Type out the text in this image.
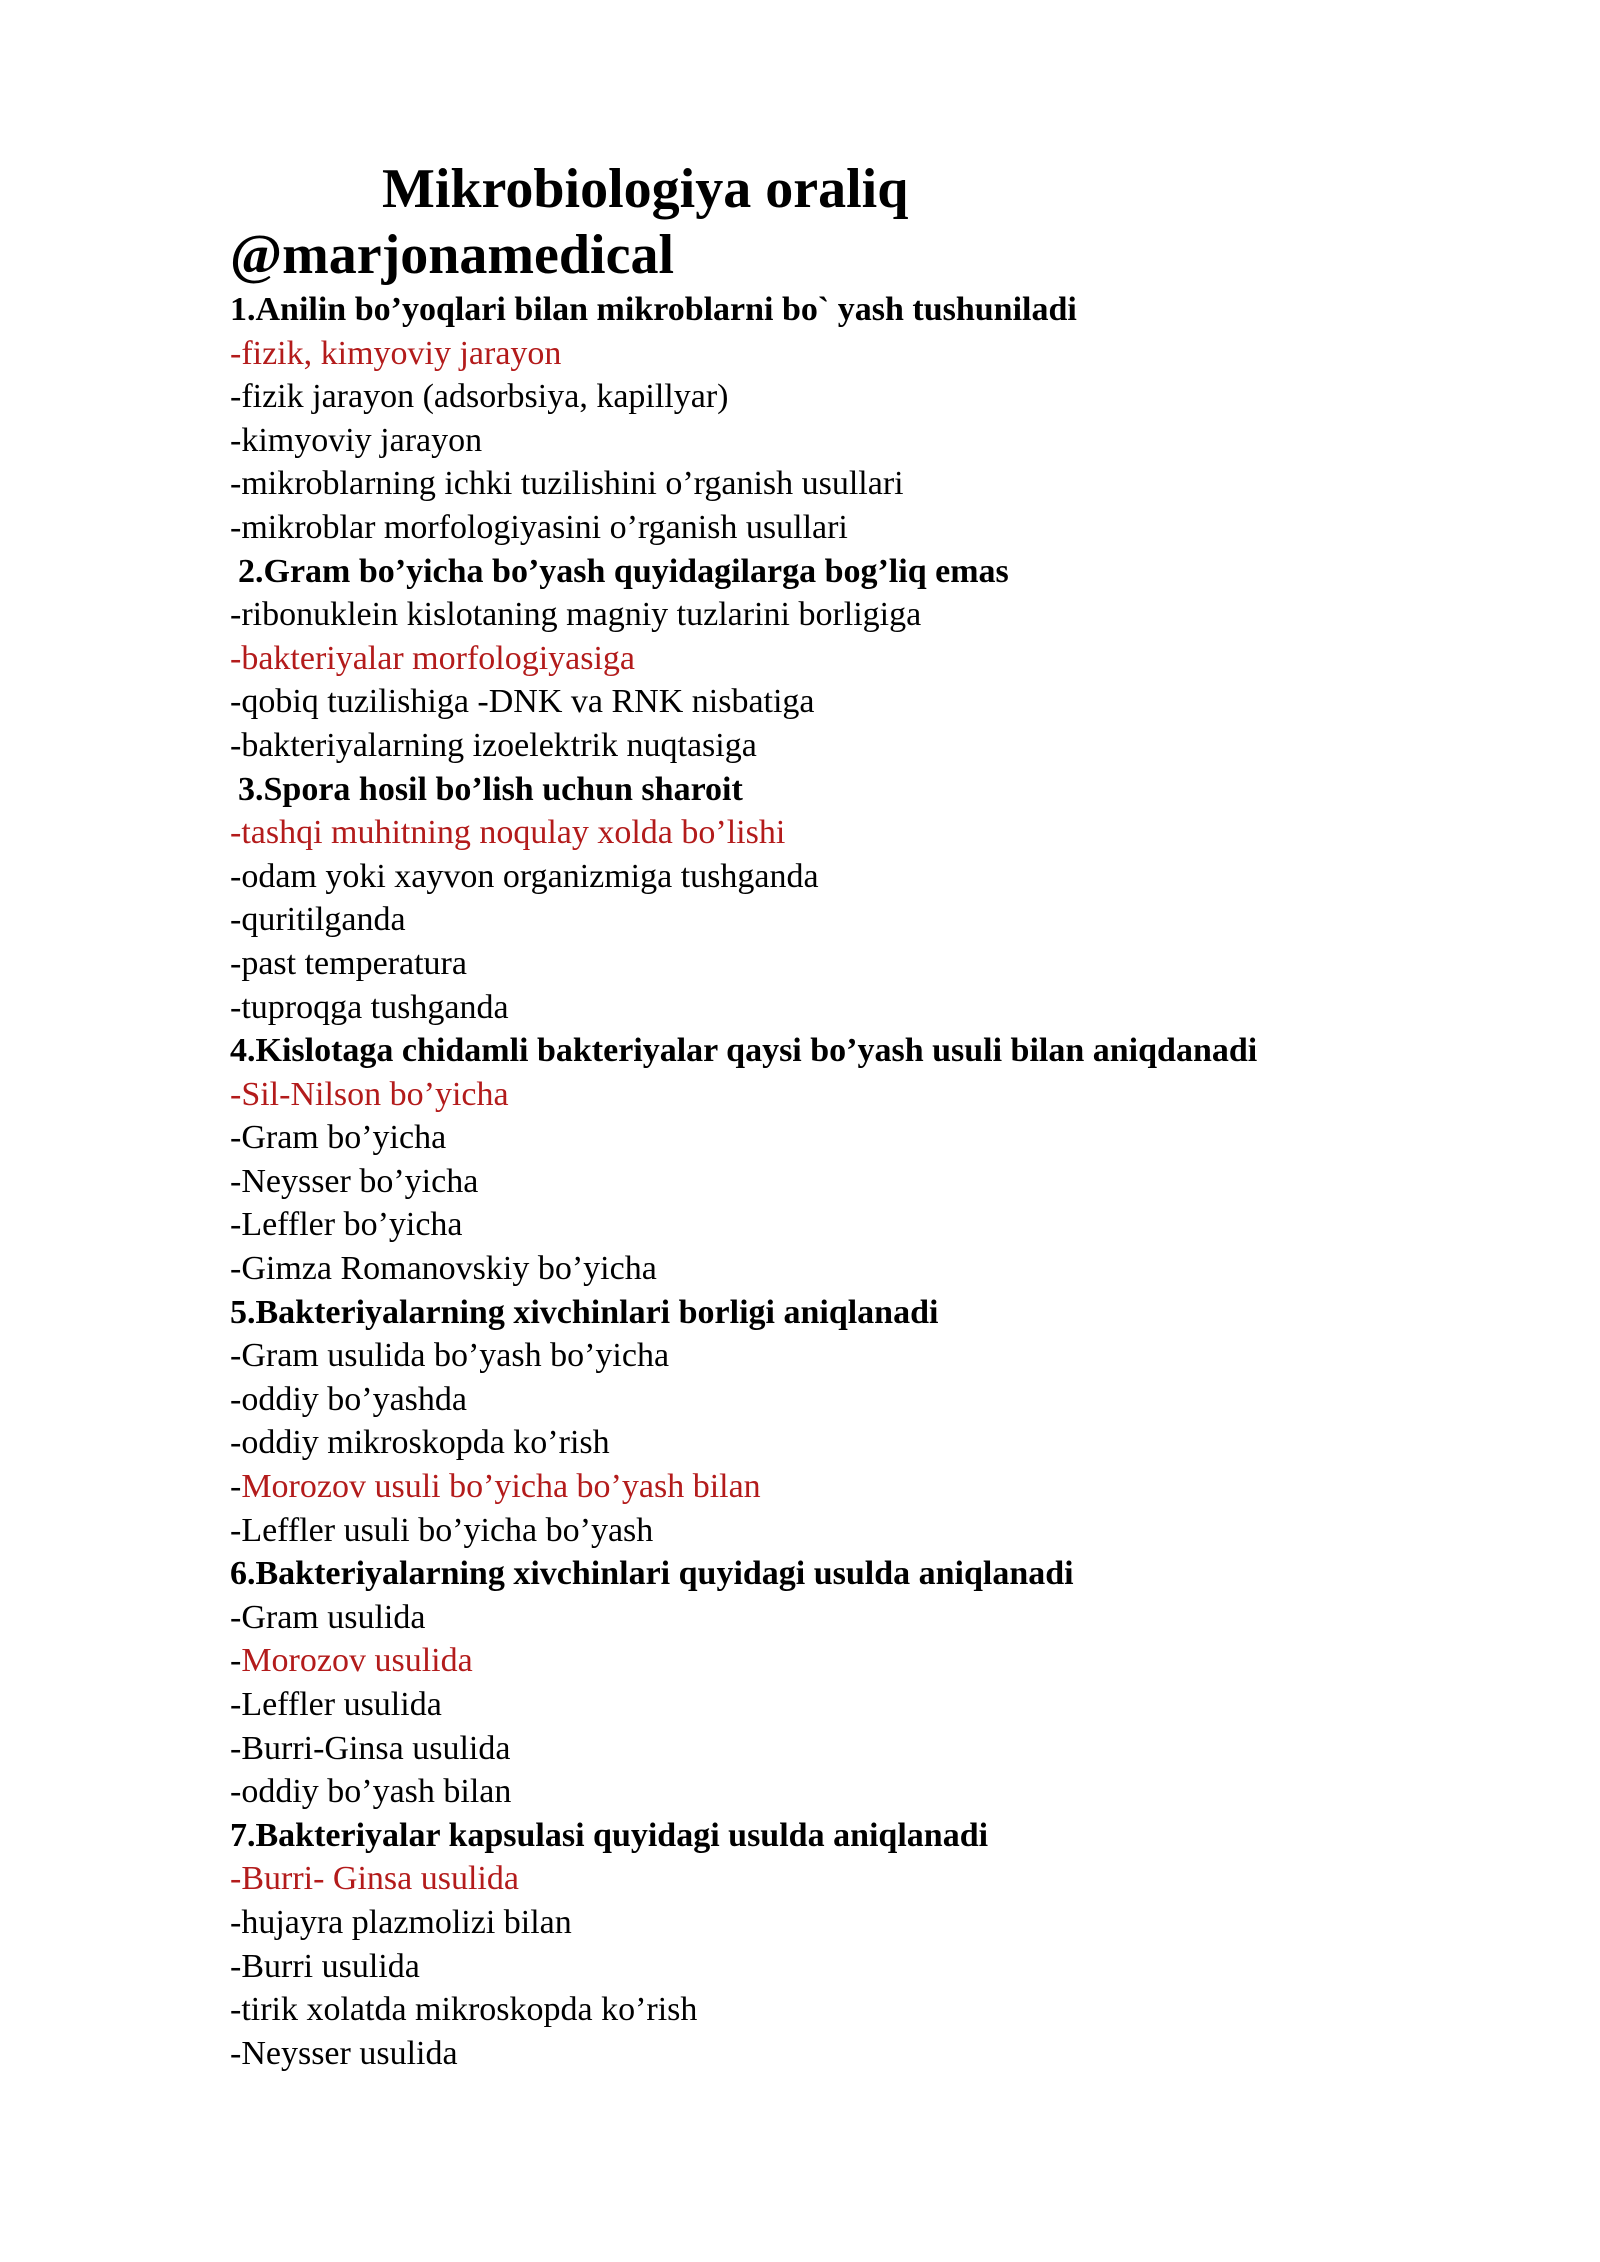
Mikrobiologiya oraliq
@marjonamedical
1.Anilin bo’yoqlari bilan mikroblarni bo` yash tushuniladi
-fizik, kimyoviy jarayon
-fizik jarayon (adsorbsiya, kapillyar)
-kimyoviy jarayon
-mikroblarning ichki tuzilishini o’rganish usullari
-mikroblar morfologiyasini o’rganish usullari
2.Gram bo’yicha bo’yash quyidagilarga bog’liq emas
-ribonuklein kislotaning magniy tuzlarini borligiga
-bakteriyalar morfologiyasiga
-qobiq tuzilishiga -DNK va RNK nisbatiga
-bakteriyalarning izoelektrik nuqtasiga
3.Spora hosil bo’lish uchun sharoit
-tashqi muhitning noqulay xolda bo’lishi
-odam yoki xayvon organizmiga tushganda
-quritilganda
-past temperatura
-tuproqga tushganda
4.Kislotaga chidamli bakteriyalar qaysi bo’yash usuli bilan aniqdanadi
-Sil-Nilson bo’yicha
-Gram bo’yicha
-Neysser bo’yicha
-Leffler bo’yicha
-Gimza Romanovskiy bo’yicha
5.Bakteriyalarning xivchinlari borligi aniqlanadi
-Gram usulida bo’yash bo’yicha
-oddiy bo’yashda
-oddiy mikroskopda ko’rish
-Morozov usuli bo’yicha bo’yash bilan
-Leffler usuli bo’yicha bo’yash
6.Bakteriyalarning xivchinlari quyidagi usulda aniqlanadi
-Gram usulida
-Morozov usulida
-Leffler usulida
-Burri-Ginsa usulida
-oddiy bo’yash bilan
7.Bakteriyalar kapsulasi quyidagi usulda aniqlanadi
-Burri- Ginsa usulida
-hujayra plazmolizi bilan
-Burri usulida
-tirik xolatda mikroskopda ko’rish
-Neysser usulida
